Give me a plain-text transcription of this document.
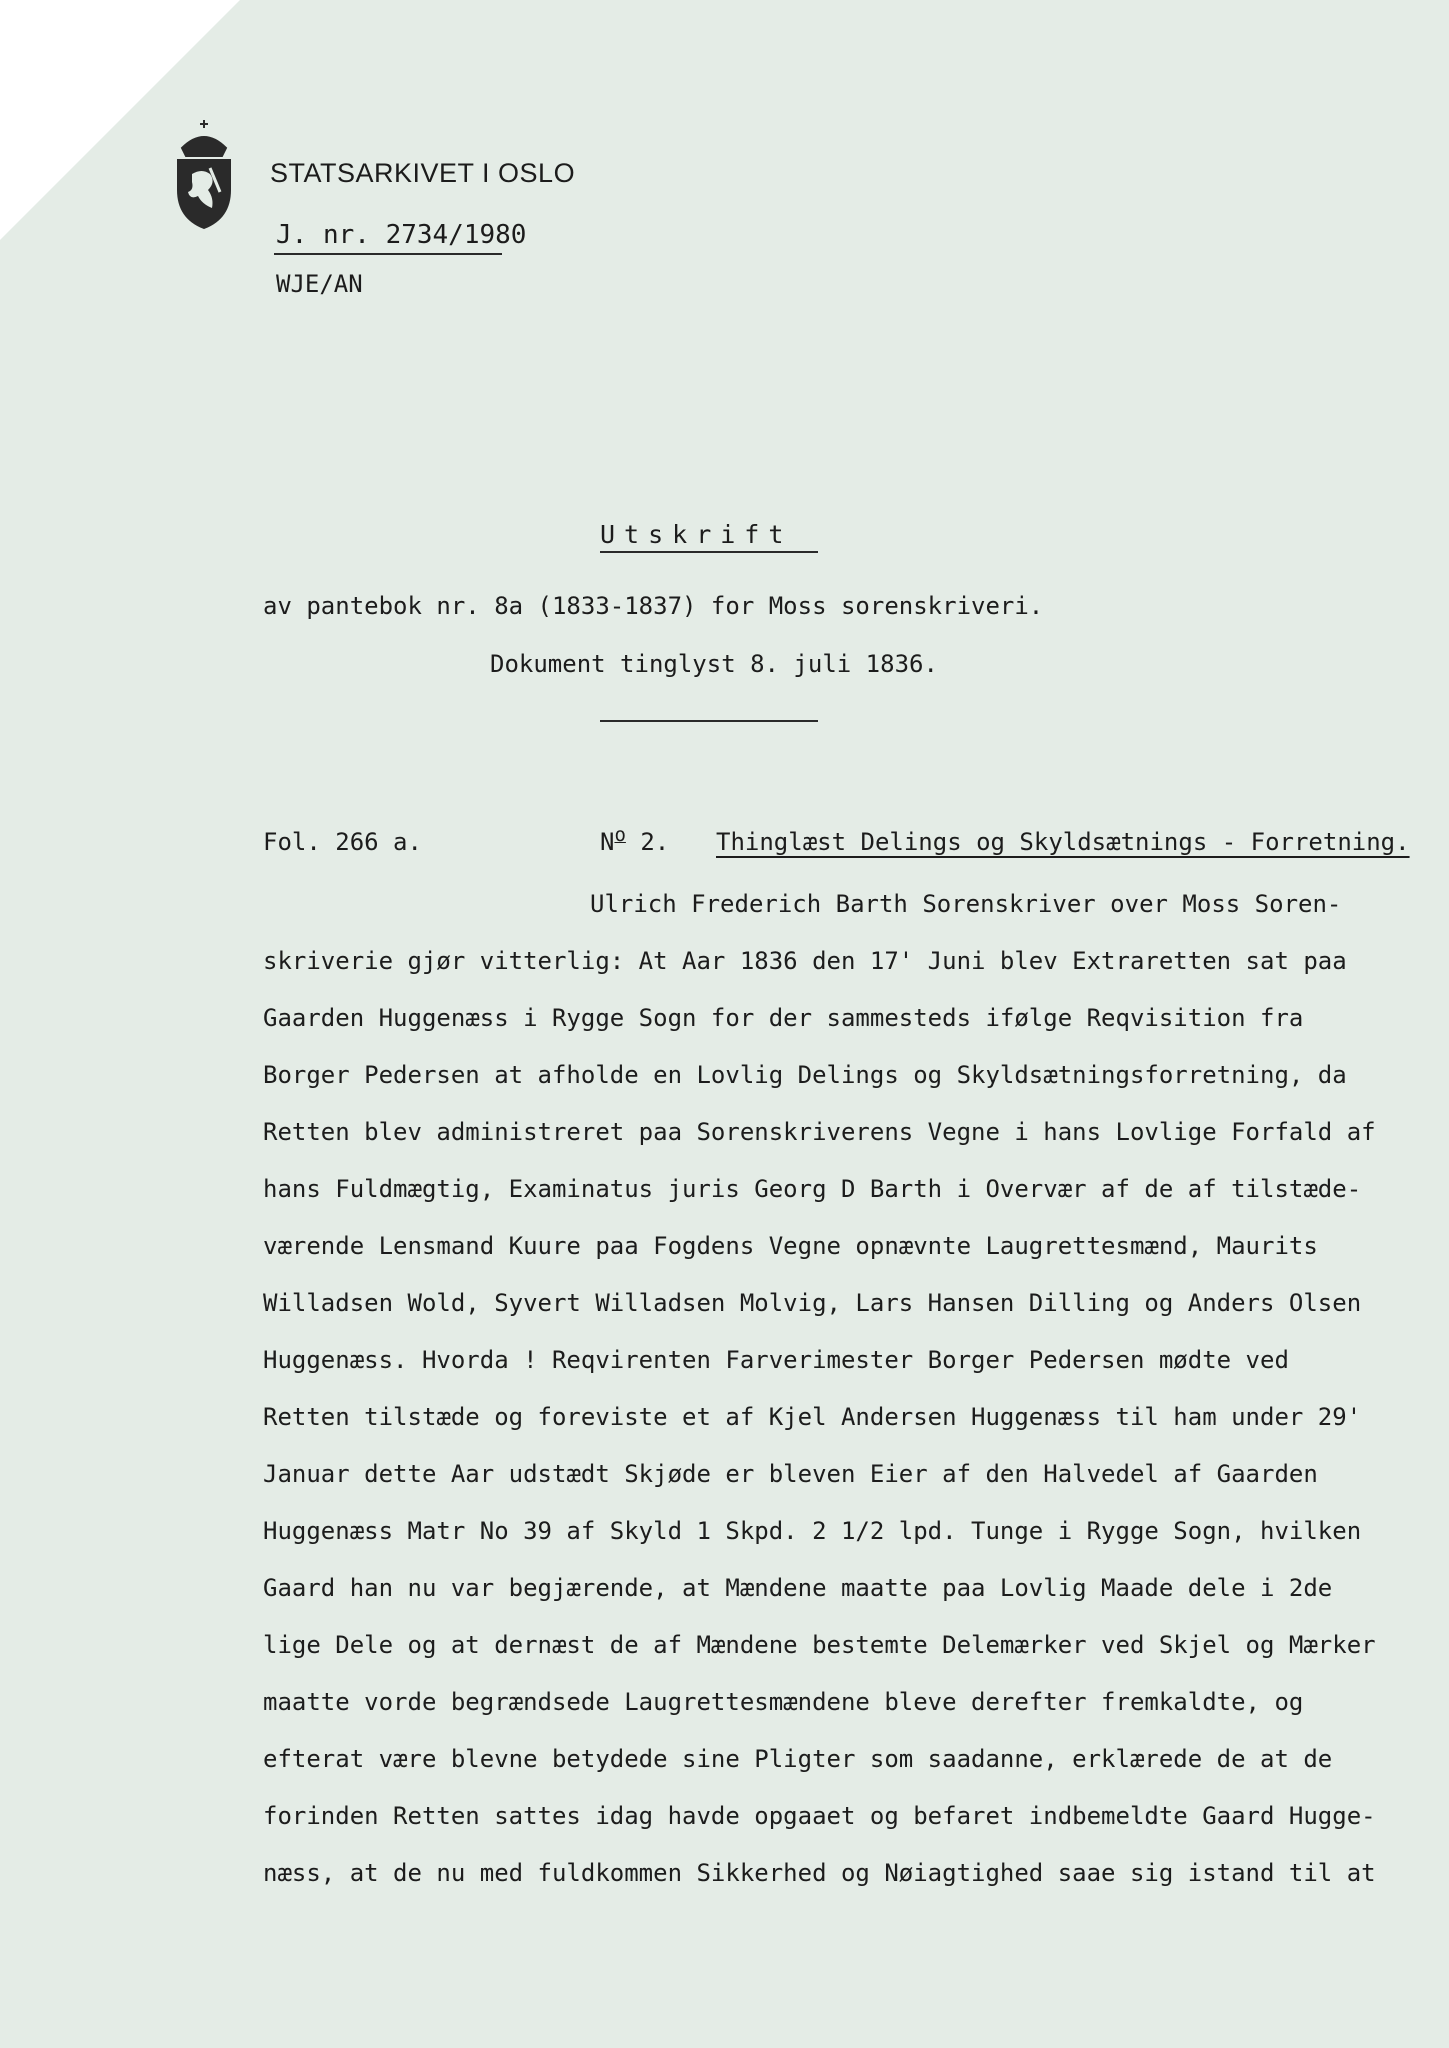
STATSARKIVET I OSLO
J. nr. 2734/1980
WJE/AN
Utskrift
av pantebok nr. 8a (1833-1837) for Moss sorenskriveri.
Dokument tinglyst 8. juli 1836.
Fol. 266 a.	$N^o$ 2. Thinglæst Delings og Skyldsætnings - Forretning.
Ulrich Frederich Barth Sorenskriver over Moss Soren-
skriverie gjør vitterlig: At Aar 1836 den 17' Juni blev Extraretten sat paa
Gaarden Huggenæss i Rygge Sogn for der sammesteds ifølge Reqvisition fra
Borger Pedersen at afholde en Lovlig Delings og Skyldsætningsforretning, da
Retten blev administreret paa Sorenskriverens Vegne i hans Lovlige Forfald af
hans Fuldmægtig, Examinatus juris Georg D Barth i Overvær af de af tilstæde-
værende Lensmand Kuure paa Fogdens Vegne opnævnte Laugrettesmænd, Maurits
Willadsen Wold, Syvert Willadsen Molvig, Lars Hansen Dilling og Anders Olsen
Huggenæss. Hvorda ! Reqvirenten Farverimester Borger Pedersen mødte ved
Retten tilstæde og foreviste et af Kjel Andersen Huggenæss til ham under 29'
Januar dette Aar udstædt Skjøde er bleven Eier af den Halvedel af Gaarden
Huggenæss Matr No 39 af Skyld 1 Skpd. 2 1/2 lpd. Tunge i Rygge Sogn, hvilken
Gaard han nu var begjærende, at Mændene maatte paa Lovlig Maade dele i 2de
lige Dele og at dernæst de af Mændene bestemte Delemærker ved Skjel og Mærker
maatte vorde begrændsede Laugrettesmændene bleve derefter fremkaldte, og
efterat være blevne betydede sine Pligter som saadanne, erklærede de at de
forinden Retten sattes idag havde opgaaet og befaret indbemeldte Gaard Hugge-
næss, at de nu med fuldkommen Sikkerhed og Nøiagtighed saae sig istand til at
